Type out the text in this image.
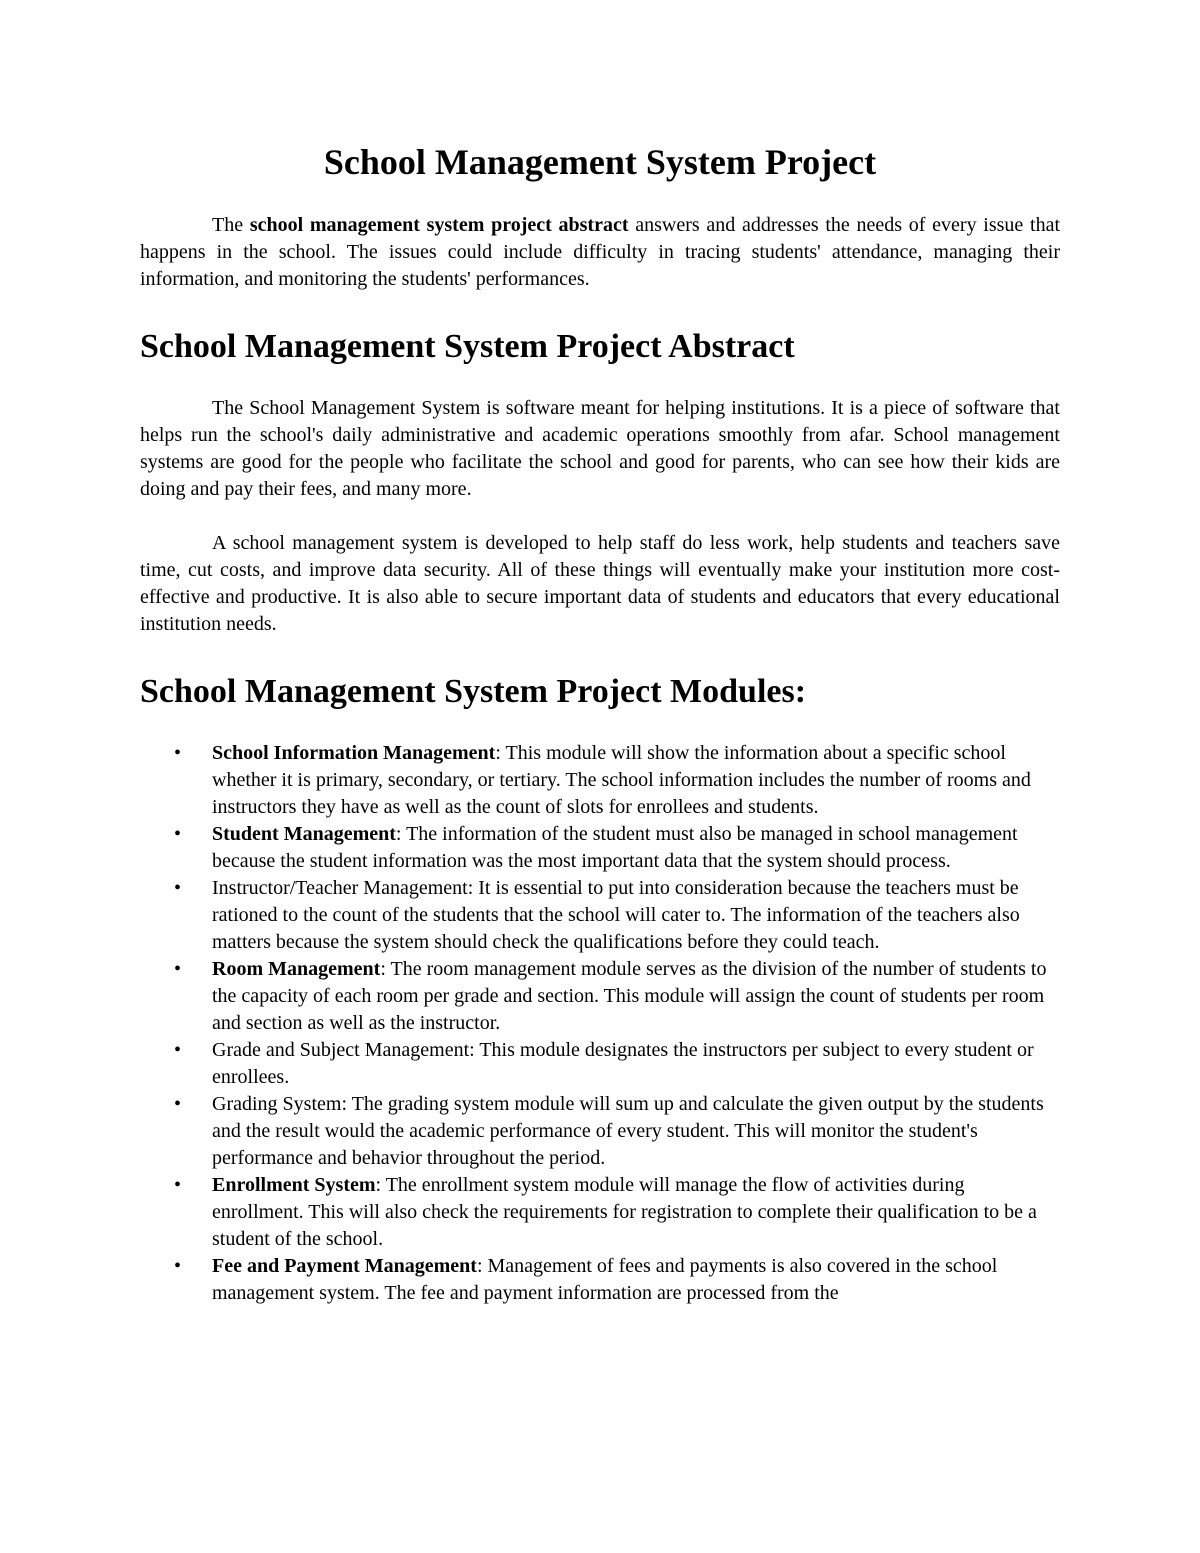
School Management System Project

The school management system project abstract answers and addresses the needs of every issue that happens in the school. The issues could include difficulty in tracing students' attendance, managing their information, and monitoring the students' performances.

School Management System Project Abstract

The School Management System is software meant for helping institutions. It is a piece of software that helps run the school's daily administrative and academic operations smoothly from afar. School management systems are good for the people who facilitate the school and good for parents, who can see how their kids are doing and pay their fees, and many more.

A school management system is developed to help staff do less work, help students and teachers save time, cut costs, and improve data security. All of these things will eventually make your institution more cost-effective and productive. It is also able to secure important data of students and educators that every educational institution needs.

School Management System Project Modules:
• School Information Management: This module will show the information about a specific school whether it is primary, secondary, or tertiary. The school information includes the number of rooms and instructors they have as well as the count of slots for enrollees and students.
• Student Management: The information of the student must also be managed in school management because the student information was the most important data that the system should process.
• Instructor/Teacher Management: It is essential to put into consideration because the teachers must be rationed to the count of the students that the school will cater to. The information of the teachers also matters because the system should check the qualifications before they could teach.
• Room Management: The room management module serves as the division of the number of students to the capacity of each room per grade and section. This module will assign the count of students per room and section as well as the instructor.
• Grade and Subject Management: This module designates the instructors per subject to every student or enrollees.
• Grading System: The grading system module will sum up and calculate the given output by the students and the result would the academic performance of every student. This will monitor the student's performance and behavior throughout the period.
• Enrollment System: The enrollment system module will manage the flow of activities during enrollment. This will also check the requirements for registration to complete their qualification to be a student of the school.
• Fee and Payment Management: Management of fees and payments is also covered in the school management system. The fee and payment information are processed from the
